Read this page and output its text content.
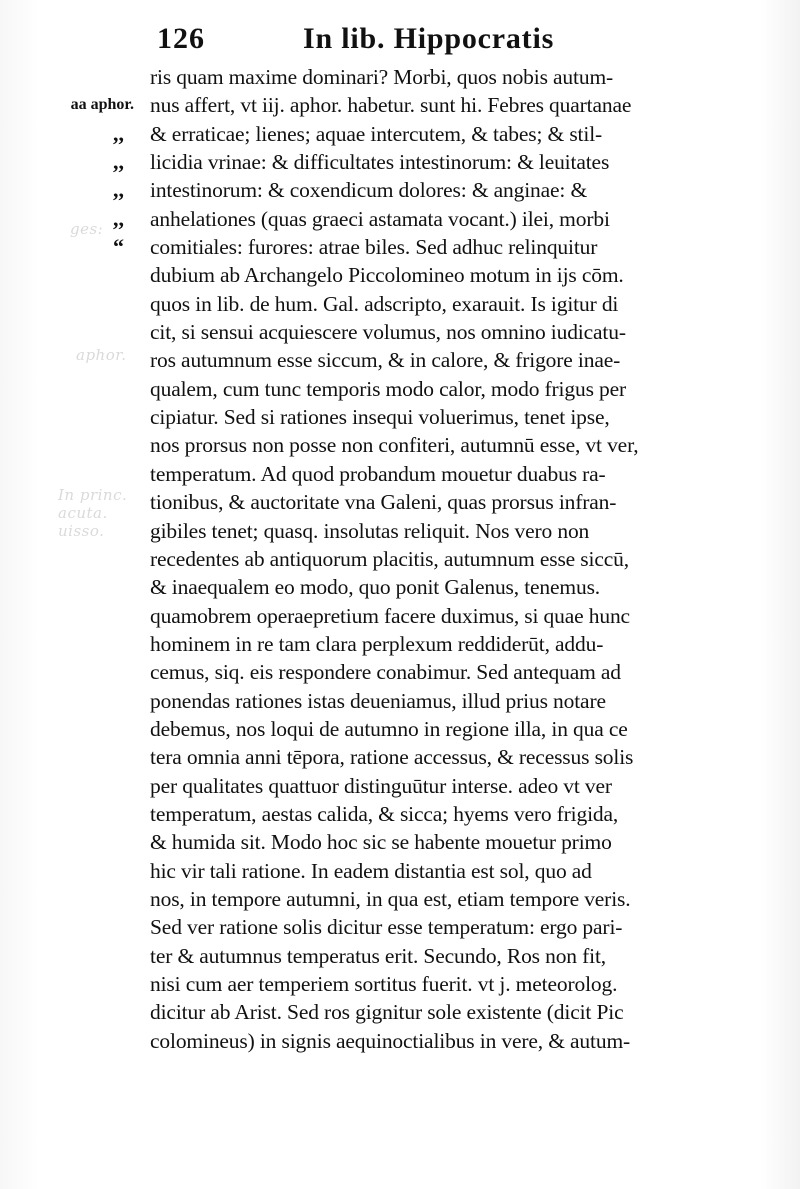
ges:
aphor.
In princ.
acuta.
uisso.
126	In lib. Hippocratis
aa aphor.
,,
,,
,,
,,
“
ris quam maxime dominari? Morbi, quos nobis autum-
nus affert, vt iij. aphor. habetur. sunt hi. Febres quartanae
& erraticae; lienes; aquae intercutem, & tabes; & stil-
licidia vrinae: & difficultates intestinorum: & leuitates
intestinorum: & coxendicum dolores: & anginae: &
anhelationes (quas graeci astamata vocant.) ilei, morbi
comitiales: furores: atrae biles. Sed adhuc relinquitur
dubium ab Archangelo Piccolomineo motum in ijs cōm.
quos in lib. de hum. Gal. adscripto, exarauit. Is igitur di
cit, si sensui acquiescere volumus, nos omnino iudicatu-
ros autumnum esse siccum, & in calore, & frigore inae-
qualem, cum tunc temporis modo calor, modo frigus per
cipiatur. Sed si rationes insequi voluerimus, tenet ipse,
nos prorsus non posse non confiteri, autumnū esse, vt ver,
temperatum. Ad quod probandum mouetur duabus ra-
tionibus, & auctoritate vna Galeni, quas prorsus infran-
gibiles tenet; quasq. insolutas reliquit. Nos vero non
recedentes ab antiquorum placitis, autumnum esse siccū,
& inaequalem eo modo, quo ponit Galenus, tenemus.
quamobrem operaepretium facere duximus, si quae hunc
hominem in re tam clara perplexum reddiderūt, addu-
cemus, siq. eis respondere conabimur. Sed antequam ad
ponendas rationes istas deueniamus, illud prius notare
debemus, nos loqui de autumno in regione illa, in qua ce
tera omnia anni tēpora, ratione accessus, & recessus solis
per qualitates quattuor distinguūtur interse. adeo vt ver
temperatum, aestas calida, & sicca; hyems vero frigida,
& humida sit. Modo hoc sic se habente mouetur primo
hic vir tali ratione. In eadem distantia est sol, quo ad
nos, in tempore autumni, in qua est, etiam tempore veris.
Sed ver ratione solis dicitur esse temperatum: ergo pari-
ter & autumnus temperatus erit. Secundo, Ros non fit,
nisi cum aer temperiem sortitus fuerit. vt j. meteorolog.
dicitur ab Arist. Sed ros gignitur sole existente (dicit Pic
colomineus) in signis aequinoctialibus in vere, & autum-
